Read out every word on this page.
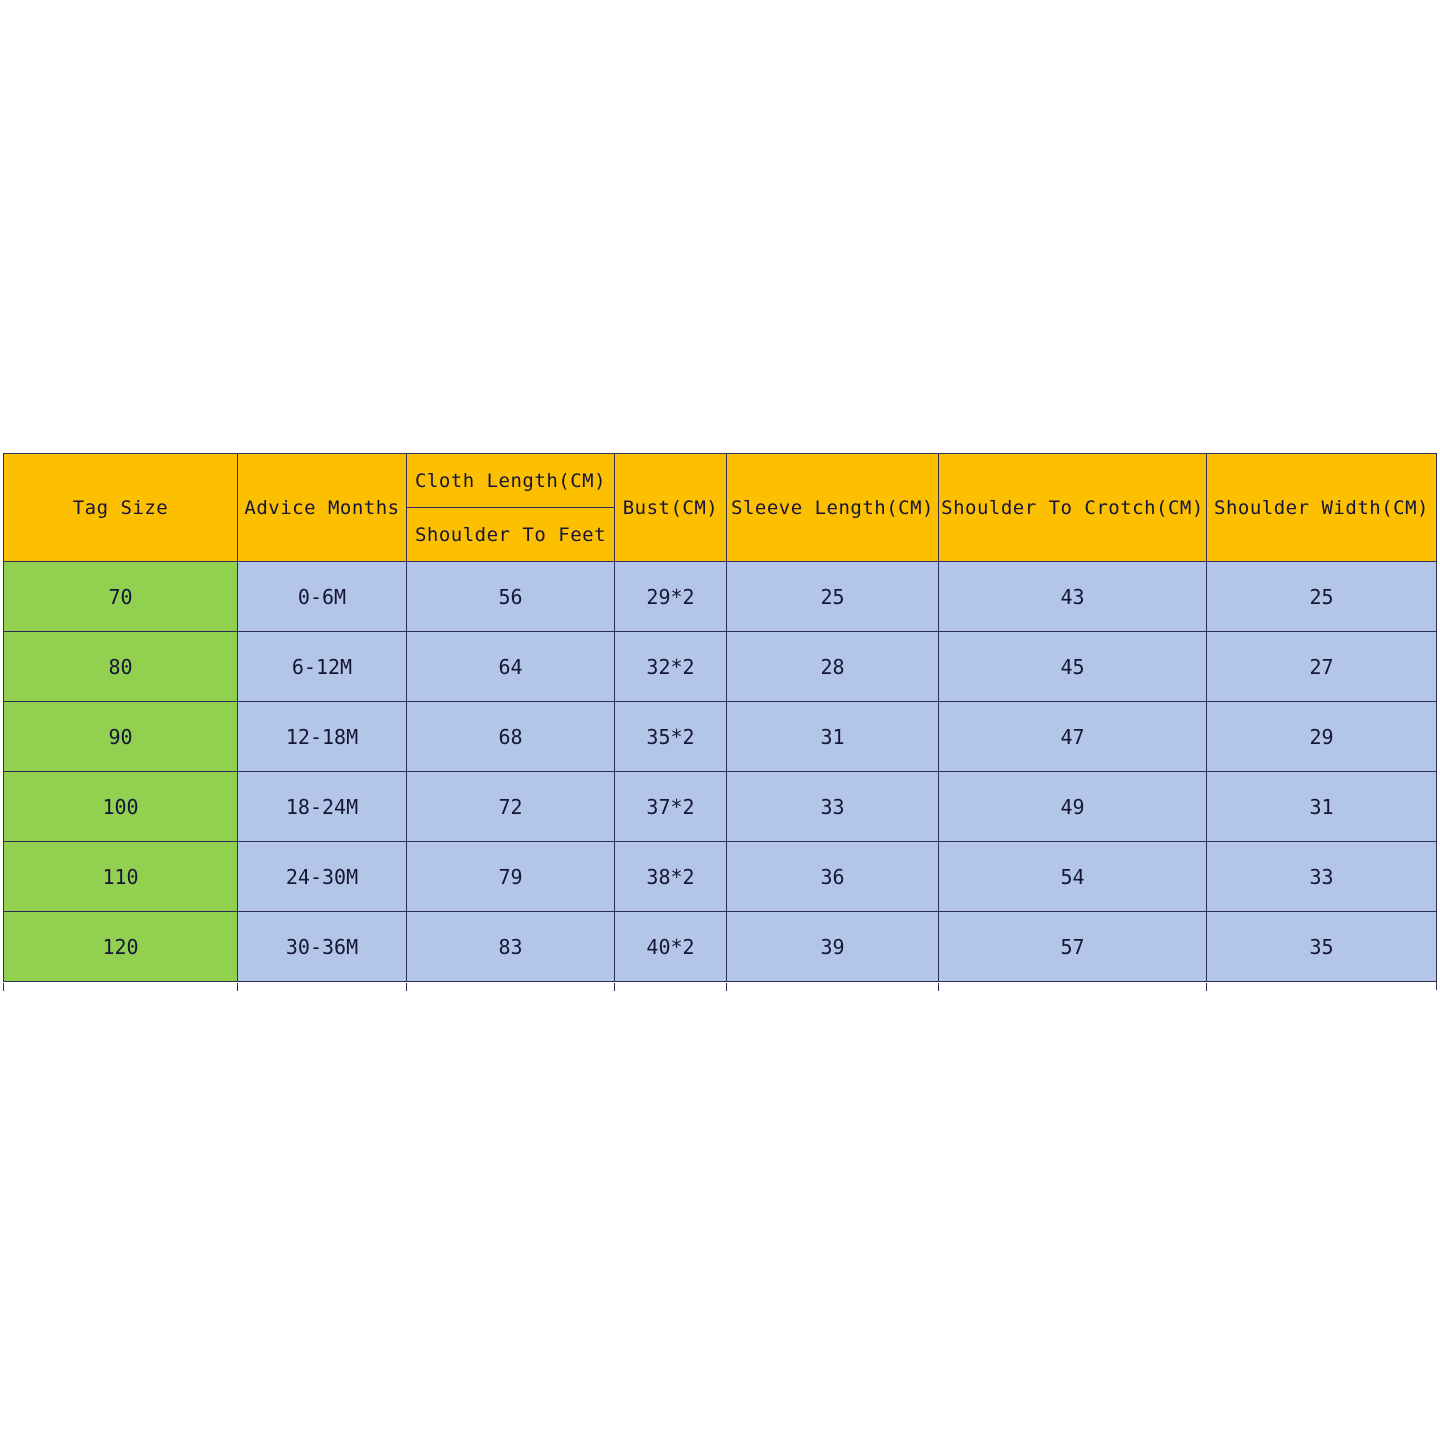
Tag Size	Advice Months	Cloth Length(CM)	Bust(CM)	Sleeve Length(CM)	Shoulder To Crotch(CM)	Shoulder Width(CM)
		Shoulder To Feet				
70	0-6M	56	29*2	25	43	25
80	6-12M	64	32*2	28	45	27
90	12-18M	68	35*2	31	47	29
100	18-24M	72	37*2	33	49	31
110	24-30M	79	38*2	36	54	33
120	30-36M	83	40*2	39	57	35
